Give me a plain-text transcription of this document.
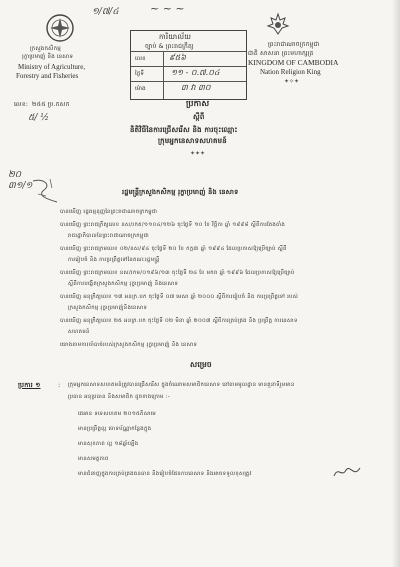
១/៧/៤	~ ~ ~
ក្រសួងកសិកម្ម
រុក្ខាប្រមាញ់ និង នេសាទ
Ministry of Agriculture,
Forestry and Fisheries
លេខ: ២៥៥ ប្រ.កសក
៥/ ½
ការិយាល័យ
ច្បាប់ & ព្រះរាជក្រឹត្យ
លេខ	៩៥៦
ថ្ងៃទី	១១ - ០.៧.០៤
ម៉ោង	៣ វា ៣០
ព្រះរាជាណាចក្រកម្ពុជា
ជាតិ សាសនា ព្រះមហាក្សត្រ
KINGDOM OF CAMBODIA
Nation Religion King
✦✧✦
ប្រកាស
ស្តីពី
និតិវិធីនៃការជ្រើសរើស និង ការចុះឈ្មោះ
ក្រុមអ្នកនេសាទសហគមន៍
✦✦✦
២០
៣១/១
រដ្ឋមន្ត្រីក្រសួងកសិកម្ម រុក្ខាប្រមាញ់ និង នេសាទ
បានឃើញ រដ្ឋធម្មនុញ្ញនៃព្រះរាជាណាចក្រកម្ពុជា
បានឃើញ ព្រះរាជក្រឹត្យលេខ នស/រកត/១១០៤/១២៦ ចុះថ្ងៃទី ១០ ខែ វិច្ឆិកា ឆ្នាំ ១៩៩៨ ស្តីពីការតែងតាំង
រាជរដ្ឋាភិបាលនៃព្រះរាជាណាចក្រកម្ពុជា
បានឃើញ ព្រះរាជក្រមលេខ ០២/នស/៩៤ ចុះថ្ងៃទី ២០ ខែ កក្កដា ឆ្នាំ ១៩៩៤ ដែលប្រកាសឱ្យប្រើច្បាប់ ស្តីពី
ការរៀបចំ និង ការប្រព្រឹត្តទៅនៃគណៈរដ្ឋមន្ត្រី
បានឃើញ ព្រះរាជក្រមលេខ នស/រកម/០១៩៦/១៣ ចុះថ្ងៃទី ២៤ ខែ មករា ឆ្នាំ ១៩៩៦ ដែលប្រកាសឱ្យប្រើច្បាប់
ស្តីពីការបង្កើតក្រសួងកសិកម្ម រុក្ខាប្រមាញ់ និងនេសាទ
បានឃើញ អនុក្រឹត្យលេខ ១៧ អនក្រ.បក ចុះថ្ងៃទី ០៧ មេសា ឆ្នាំ ២០០០ ស្តីពីការរៀបចំ និង ការប្រព្រឹត្តទៅ របស់
ក្រសួងកសិកម្ម រុក្ខាប្រមាញ់និងនេសាទ
បានឃើញ អនុក្រឹត្យលេខ ២៥ អនក្រ.បក ចុះថ្ងៃទី ០២ មិនា ឆ្នាំ ២០០៧ ស្តីពីការគ្រប់គ្រង និង ប្រព្រឹត្ត ការនេសាទ
សហគមន៍
យោងតាមការចាំបាច់របស់ក្រសួងកសិកម្ម រុក្ខាប្រមាញ់ និង នេសាទ
សម្រេច
ប្រការ ១	: ក្រុមអ្នកនេសាទសហគមន៍ត្រូវបានជ្រើសរើស ក្នុងចំណោមសមាជិកនេសាទ នៅតាមមូលដ្ឋាន មានតួនាទីរួមមាន
ប្រធាន អនុប្រធាន និងសមាជិក ដូចខាងក្រោម :-
ជេអាន ទទេសហគម ២០១៥ភិសាមេ
មានប្រព្រឹត្តល្អ ចោទប័ណ្ណាកន្លែងក្នុង
មានសុខភាព ល្អ ១៨ឆ្នាំឡើង
មានសមត្ថភាព
មានជំនាញក្នុងការគ្រប់គ្រងធនធាន និងរៀបចំផែនការនេសាទ និងអាចទទួលខុសត្រូវ
